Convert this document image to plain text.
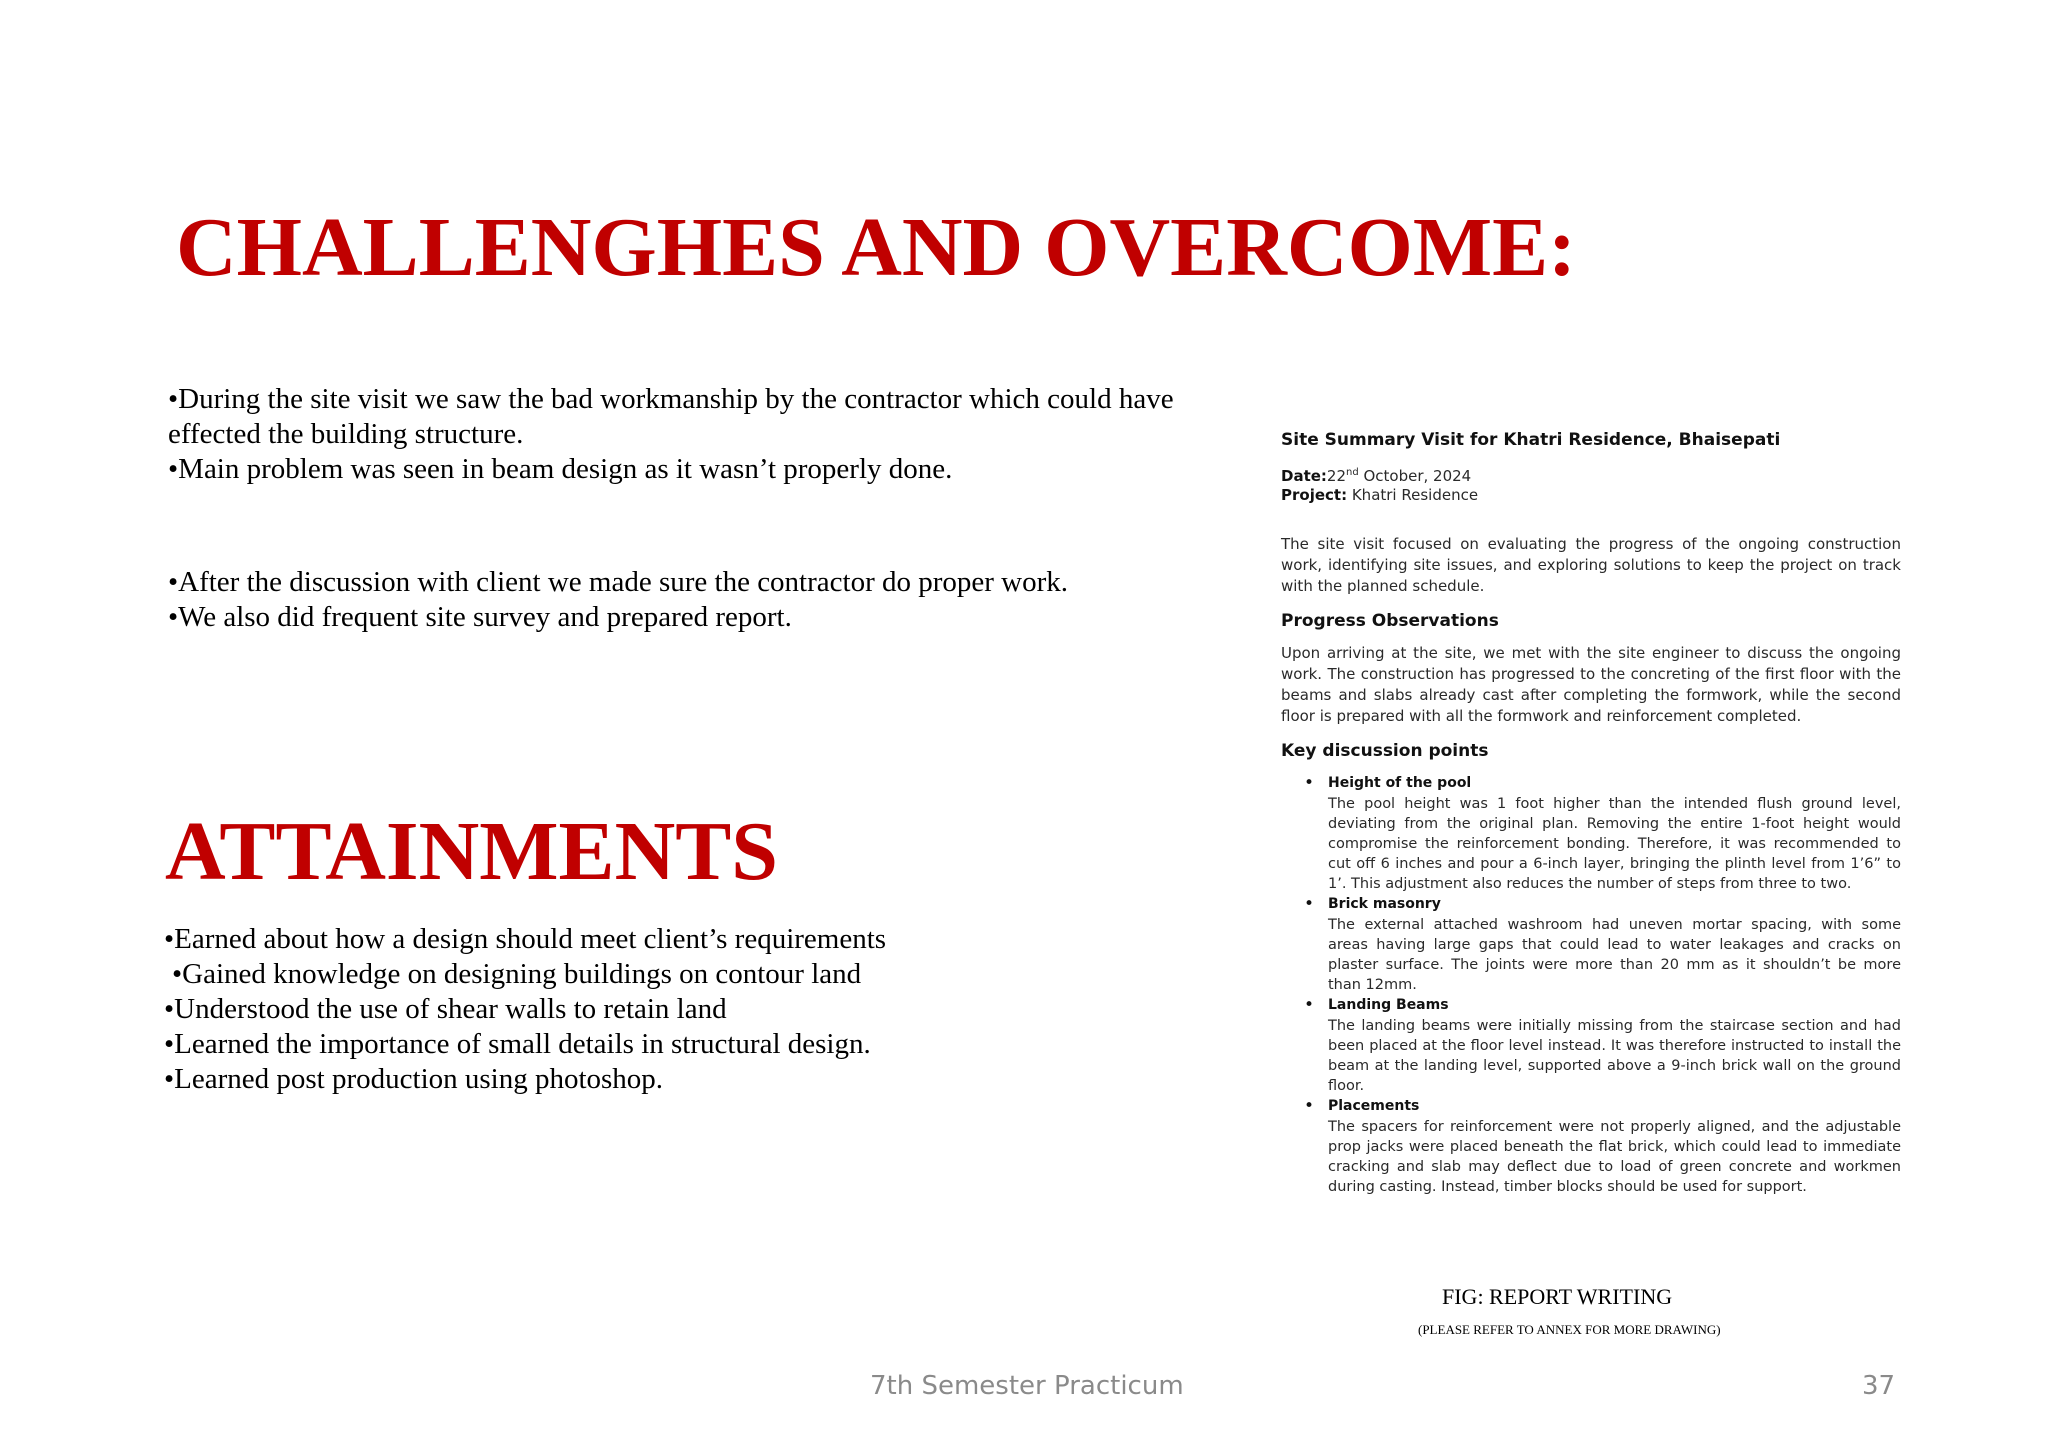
CHALLENGHES AND OVERCOME:
•During the site visit we saw the bad workmanship by the contractor which could have effected the building structure.
•Main problem was seen in beam design as it wasn’t properly done.
•After the discussion with client we made sure the contractor do proper work.
•We also did frequent site survey and prepared report.
ATTAINMENTS
•Earned about how a design should meet client’s requirements
•Gained knowledge on designing buildings on contour land
•Understood the use of shear walls to retain land
•Learned the importance of small details in structural design.
•Learned post production using photoshop.

Site Summary Visit for Khatri Residence, Bhaisepati

Date:22nd October, 2024

Project: Khatri Residence

The site visit focused on evaluating the progress of the ongoing construction work, identifying site issues, and exploring solutions to keep the project on track with the planned schedule.

Progress Observations

Upon arriving at the site, we met with the site engineer to discuss the ongoing work. The construction has progressed to the concreting of the first floor with the beams and slabs already cast after completing the formwork, while the second floor is prepared with all the formwork and reinforcement completed.

Key discussion points

• Height of the pool
The pool height was 1 foot higher than the intended flush ground level, deviating from the original plan. Removing the entire 1-foot height would compromise the reinforcement bonding. Therefore, it was recommended to cut off 6 inches and pour a 6-inch layer, bringing the plinth level from 1’6” to 1’. This adjustment also reduces the number of steps from three to two.
• Brick masonry
The external attached washroom had uneven mortar spacing, with some areas having large gaps that could lead to water leakages and cracks on plaster surface. The joints were more than 20 mm as it shouldn’t be more than 12mm.
• Landing Beams
The landing beams were initially missing from the staircase section and had been placed at the floor level instead. It was therefore instructed to install the beam at the landing level, supported above a 9-inch brick wall on the ground floor.
• Placements
The spacers for reinforcement were not properly aligned, and the adjustable prop jacks were placed beneath the flat brick, which could lead to immediate cracking and slab may deflect due to load of green concrete and workmen during casting. Instead, timber blocks should be used for support.
FIG: REPORT WRITING
(PLEASE REFER TO ANNEX FOR MORE DRAWING)
7th Semester Practicum	37
